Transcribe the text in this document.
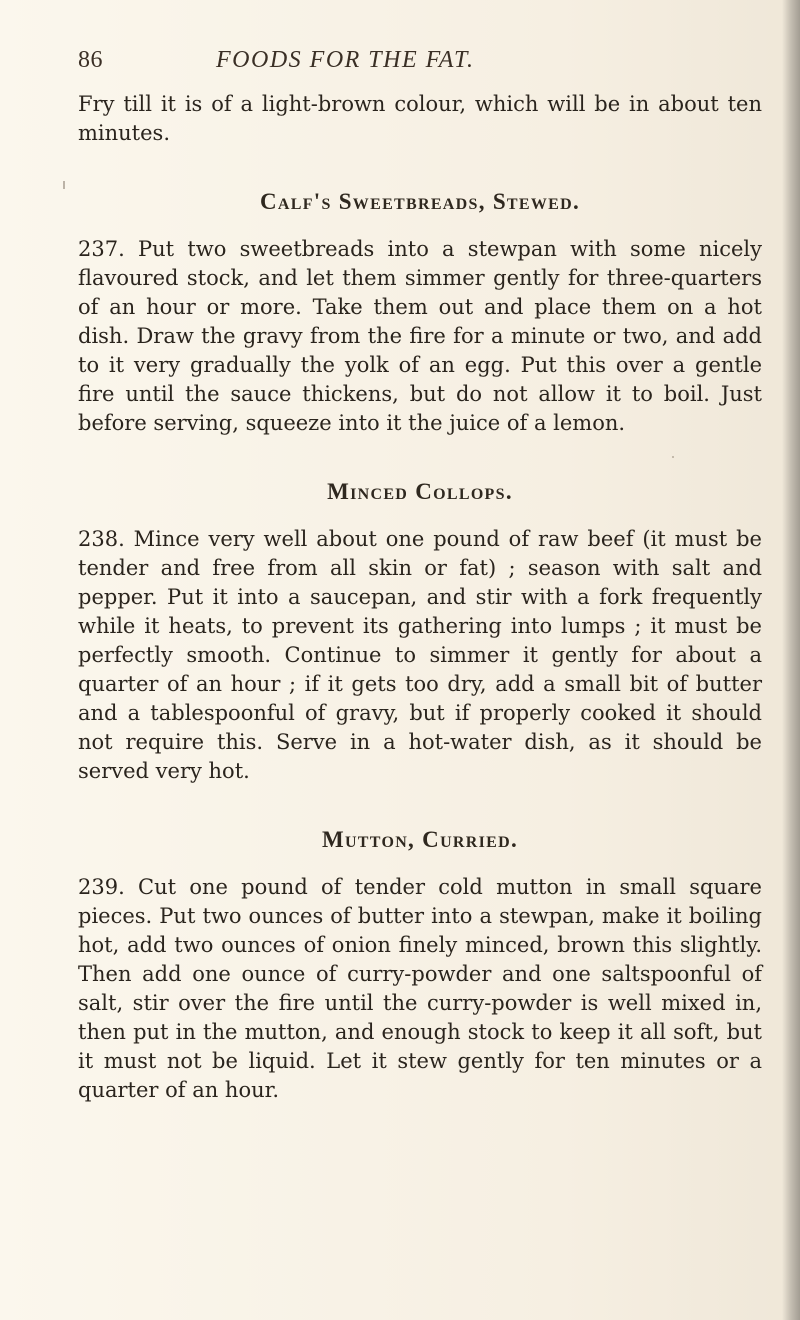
86	FOODS FOR THE FAT.

Fry till it is of a light-brown colour, which will be in about ten minutes.

Calf's Sweetbreads, Stewed.

237. Put two sweetbreads into a stewpan with some nicely flavoured stock, and let them simmer gently for three-quarters of an hour or more. Take them out and place them on a hot dish. Draw the gravy from the fire for a minute or two, and add to it very gradually the yolk of an egg. Put this over a gentle fire until the sauce thickens, but do not allow it to boil. Just before serving, squeeze into it the juice of a lemon.

Minced Collops.

238. Mince very well about one pound of raw beef (it must be tender and free from all skin or fat) ; season with salt and pepper. Put it into a saucepan, and stir with a fork frequently while it heats, to prevent its gathering into lumps ; it must be perfectly smooth. Continue to simmer it gently for about a quarter of an hour ; if it gets too dry, add a small bit of butter and a tablespoonful of gravy, but if properly cooked it should not require this. Serve in a hot-water dish, as it should be served very hot.

Mutton, Curried.

239. Cut one pound of tender cold mutton in small square pieces. Put two ounces of butter into a stewpan, make it boiling hot, add two ounces of onion finely minced, brown this slightly. Then add one ounce of curry-powder and one saltspoonful of salt, stir over the fire until the curry-powder is well mixed in, then put in the mutton, and enough stock to keep it all soft, but it must not be liquid. Let it stew gently for ten minutes or a quarter of an hour.
